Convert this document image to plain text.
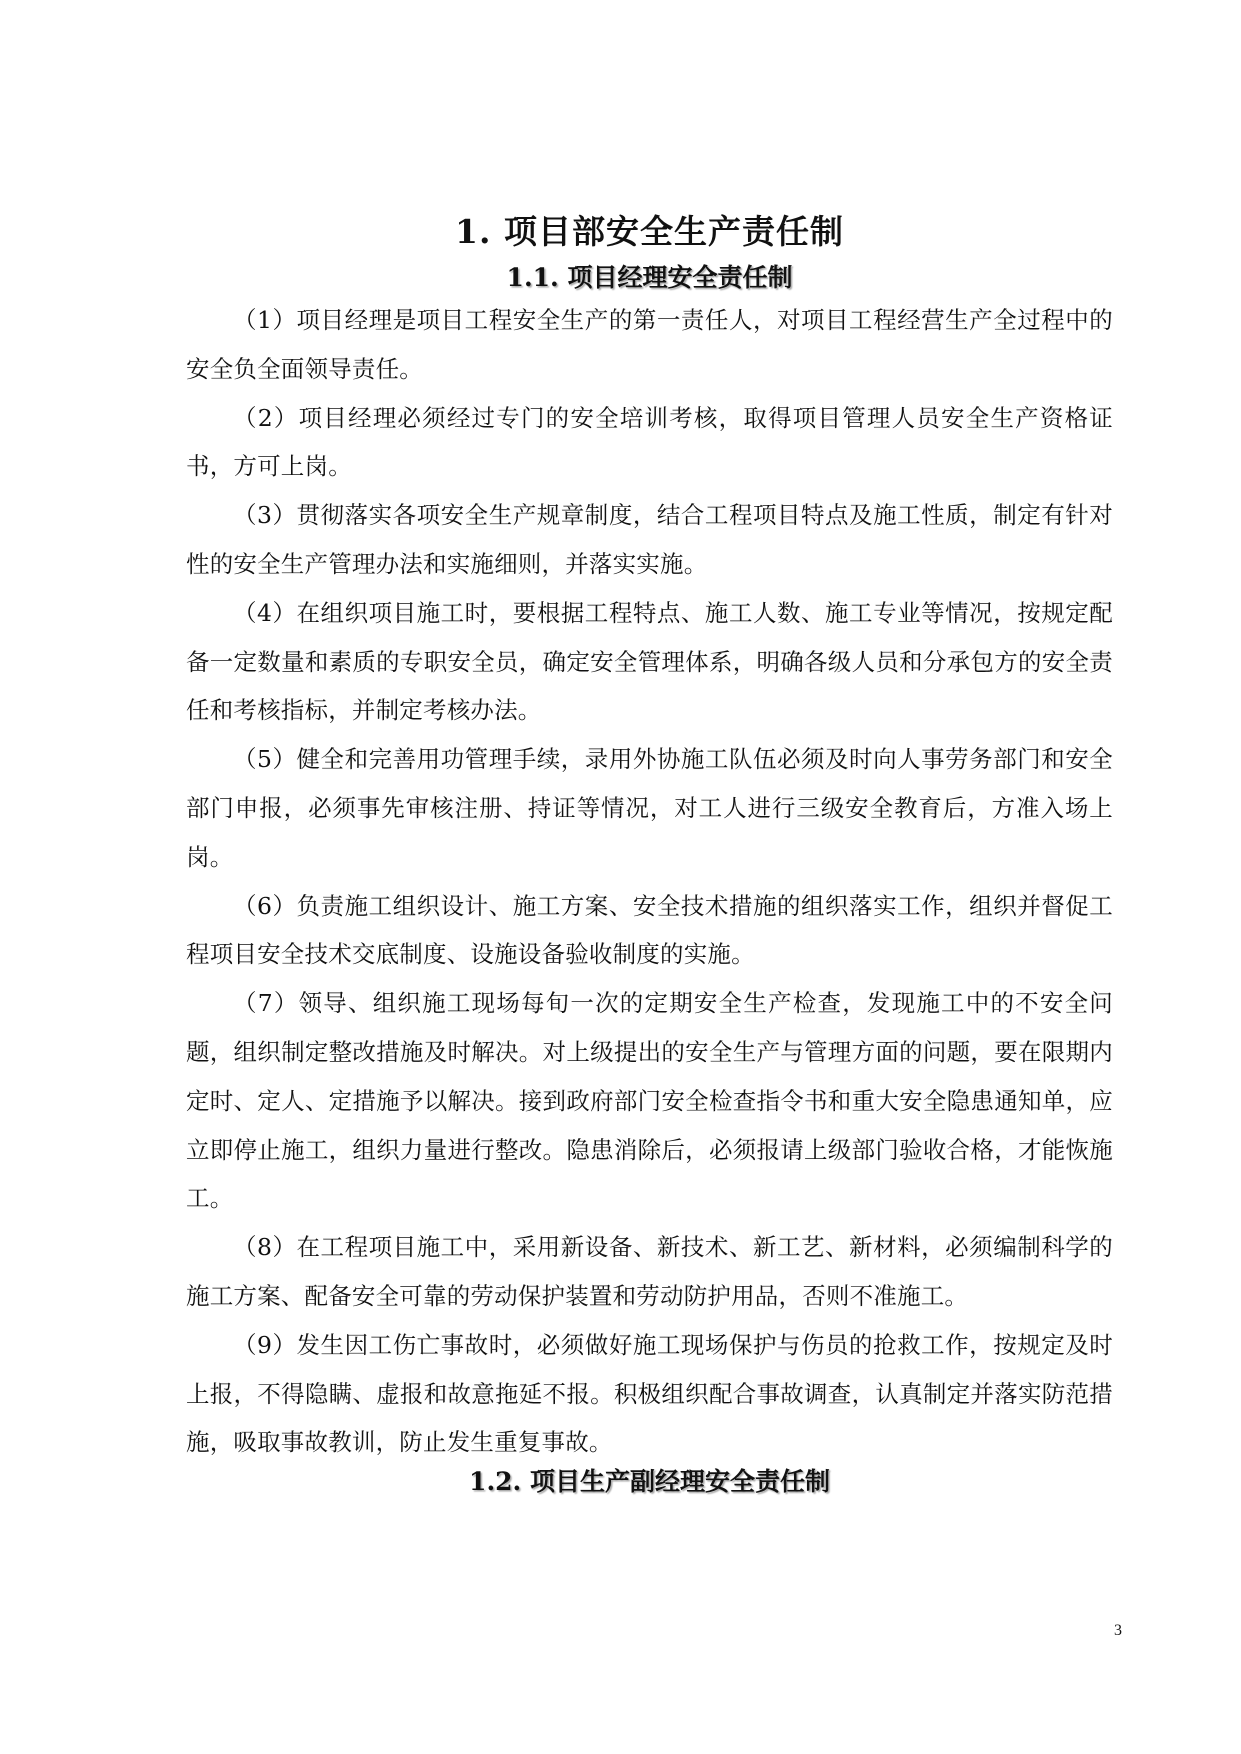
1. 项目部安全生产责任制
1.1. 项目经理安全责任制

（1）项目经理是项目工程安全生产的第一责任人，对项目工程经营生产全过程中的安全负全面领导责任。

（2）项目经理必须经过专门的安全培训考核，取得项目管理人员安全生产资格证书，方可上岗。

（3）贯彻落实各项安全生产规章制度，结合工程项目特点及施工性质，制定有针对性的安全生产管理办法和实施细则，并落实实施。

（4）在组织项目施工时，要根据工程特点、施工人数、施工专业等情况，按规定配备一定数量和素质的专职安全员，确定安全管理体系，明确各级人员和分承包方的安全责任和考核指标，并制定考核办法。

（5）健全和完善用功管理手续，录用外协施工队伍必须及时向人事劳务部门和安全部门申报，必须事先审核注册、持证等情况，对工人进行三级安全教育后，方准入场上岗。

（6）负责施工组织设计、施工方案、安全技术措施的组织落实工作，组织并督促工程项目安全技术交底制度、设施设备验收制度的实施。

（7）领导、组织施工现场每旬一次的定期安全生产检查，发现施工中的不安全问题，组织制定整改措施及时解决。对上级提出的安全生产与管理方面的问题，要在限期内定时、定人、定措施予以解决。接到政府部门安全检查指令书和重大安全隐患通知单，应立即停止施工，组织力量进行整改。隐患消除后，必须报请上级部门验收合格，才能恢施工。

（8）在工程项目施工中，采用新设备、新技术、新工艺、新材料，必须编制科学的施工方案、配备安全可靠的劳动保护装置和劳动防护用品，否则不准施工。

（9）发生因工伤亡事故时，必须做好施工现场保护与伤员的抢救工作，按规定及时上报，不得隐瞒、虚报和故意拖延不报。积极组织配合事故调查，认真制定并落实防范措施，吸取事故教训，防止发生重复事故。

1.2. 项目生产副经理安全责任制
3
